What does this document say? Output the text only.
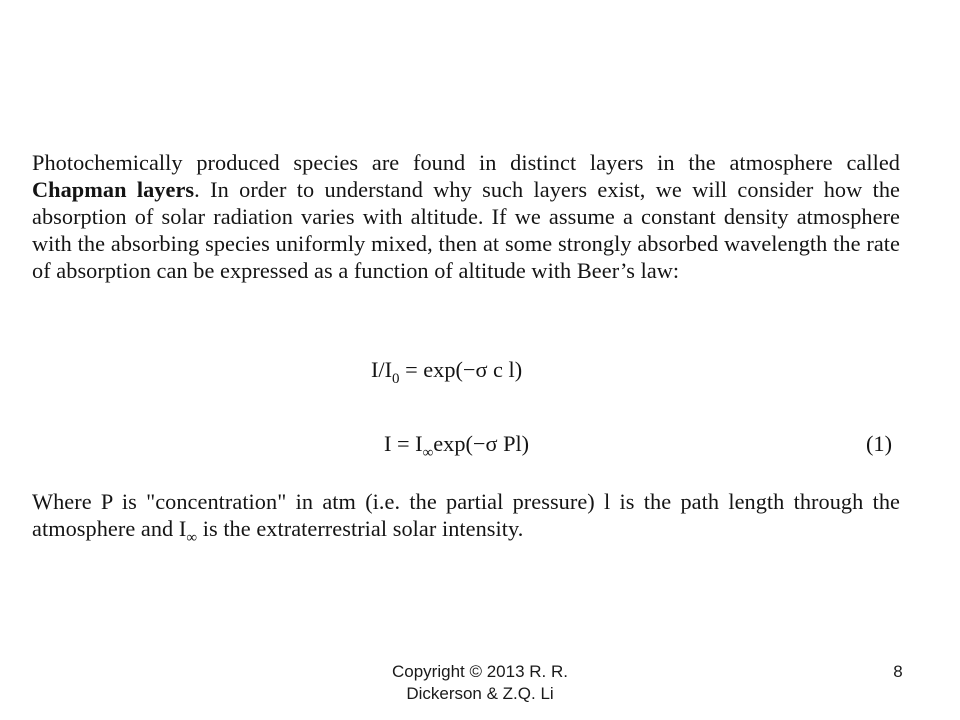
Photochemically produced species are found in distinct layers in the atmosphere called Chapman layers. In order to understand why such layers exist, we will consider how the absorption of solar radiation varies with altitude. If we assume a constant density atmosphere with the absorbing species uniformly mixed, then at some strongly absorbed wavelength the rate of absorption can be expressed as a function of altitude with Beer’s law:
$I/I_0 = \exp(-\sigma$ c l)
$I = I_\infty\exp(-\sigma$ Pl)	(1)
Where P is "concentration" in atm (i.e. the partial pressure) l is the path length through the atmosphere and $I_\infty$ is the extraterrestrial solar intensity.
Copyright © 2013 R. R.
Dickerson & Z.Q. Li
8
